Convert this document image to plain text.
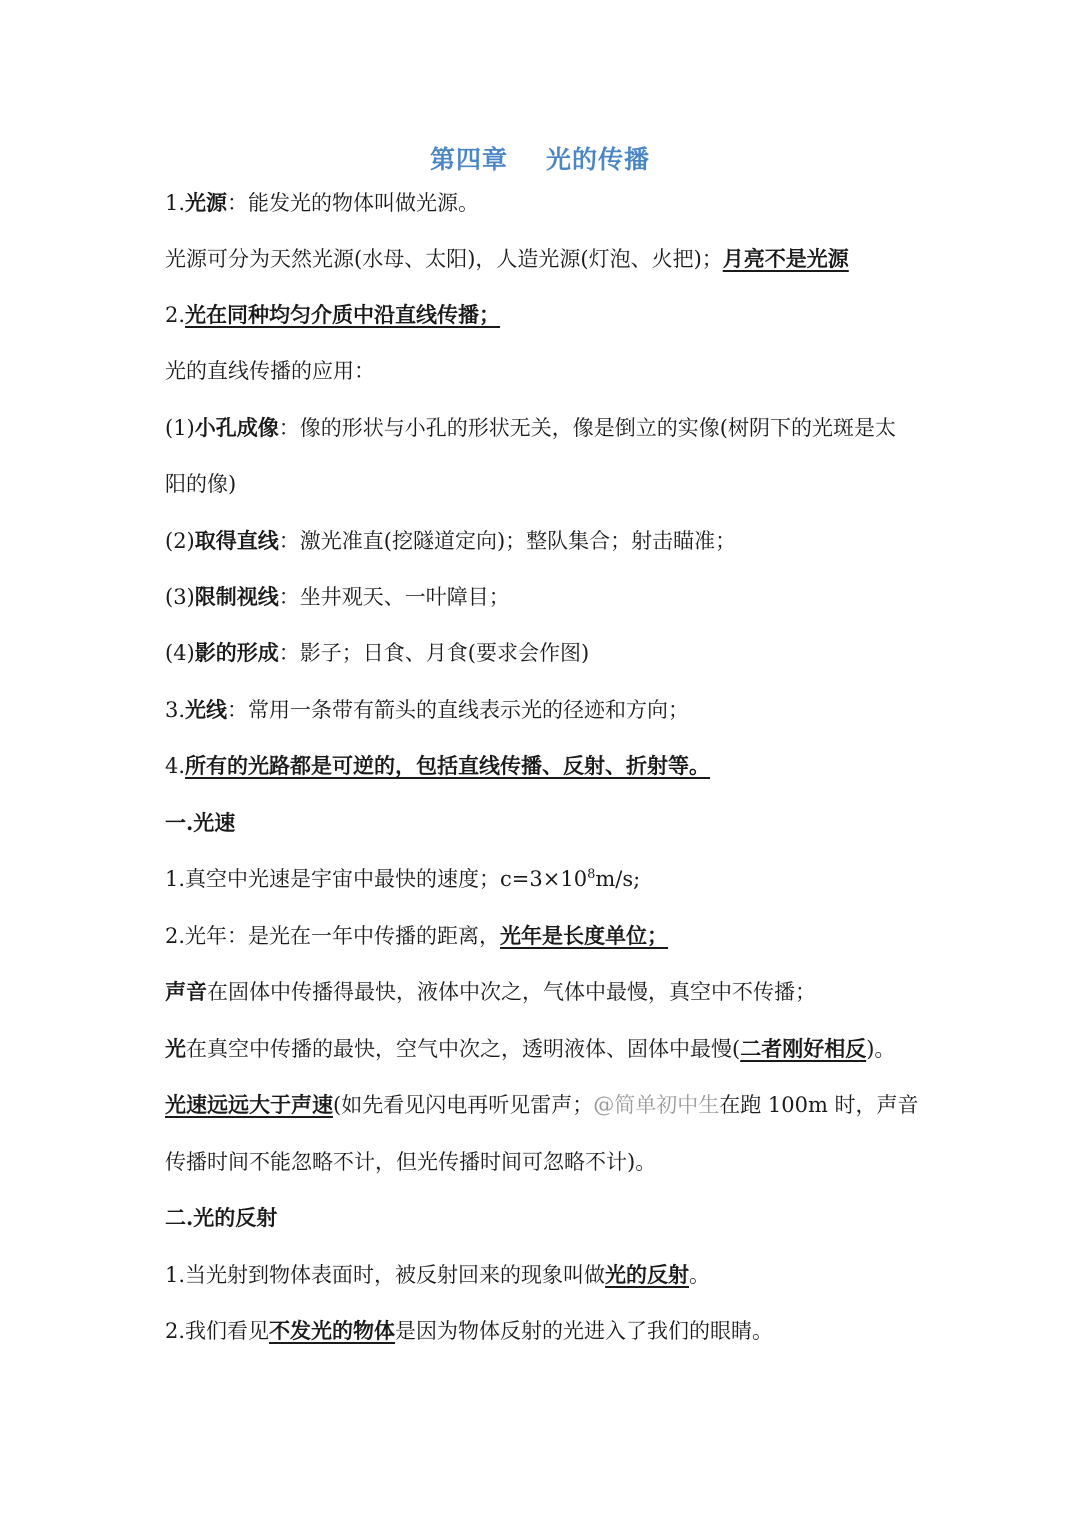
第四章 光的传播
1.光源：能发光的物体叫做光源。
光源可分为天然光源(水母、太阳)，人造光源(灯泡、火把)；月亮不是光源
2.光在同种均匀介质中沿直线传播；
光的直线传播的应用：
(1)小孔成像：像的形状与小孔的形状无关，像是倒立的实像(树阴下的光斑是太
阳的像)
(2)取得直线：激光准直(挖隧道定向)；整队集合；射击瞄准；
(3)限制视线：坐井观天、一叶障目；
(4)影的形成：影子；日食、月食(要求会作图)
3.光线：常用一条带有箭头的直线表示光的径迹和方向；
4.所有的光路都是可逆的，包括直线传播、反射、折射等。
一.光速
1.真空中光速是宇宙中最快的速度；$c=3\times 10^8m/s$;
2.光年：是光在一年中传播的距离，光年是长度单位；
声音在固体中传播得最快，液体中次之，气体中最慢，真空中不传播；
光在真空中传播的最快，空气中次之，透明液体、固体中最慢(二者刚好相反)。
光速远远大于声速(如先看见闪电再听见雷声；@简单初中生在跑 100m 时，声音
传播时间不能忽略不计，但光传播时间可忽略不计)。
二.光的反射
1.当光射到物体表面时，被反射回来的现象叫做光的反射。
2.我们看见不发光的物体是因为物体反射的光进入了我们的眼睛。
